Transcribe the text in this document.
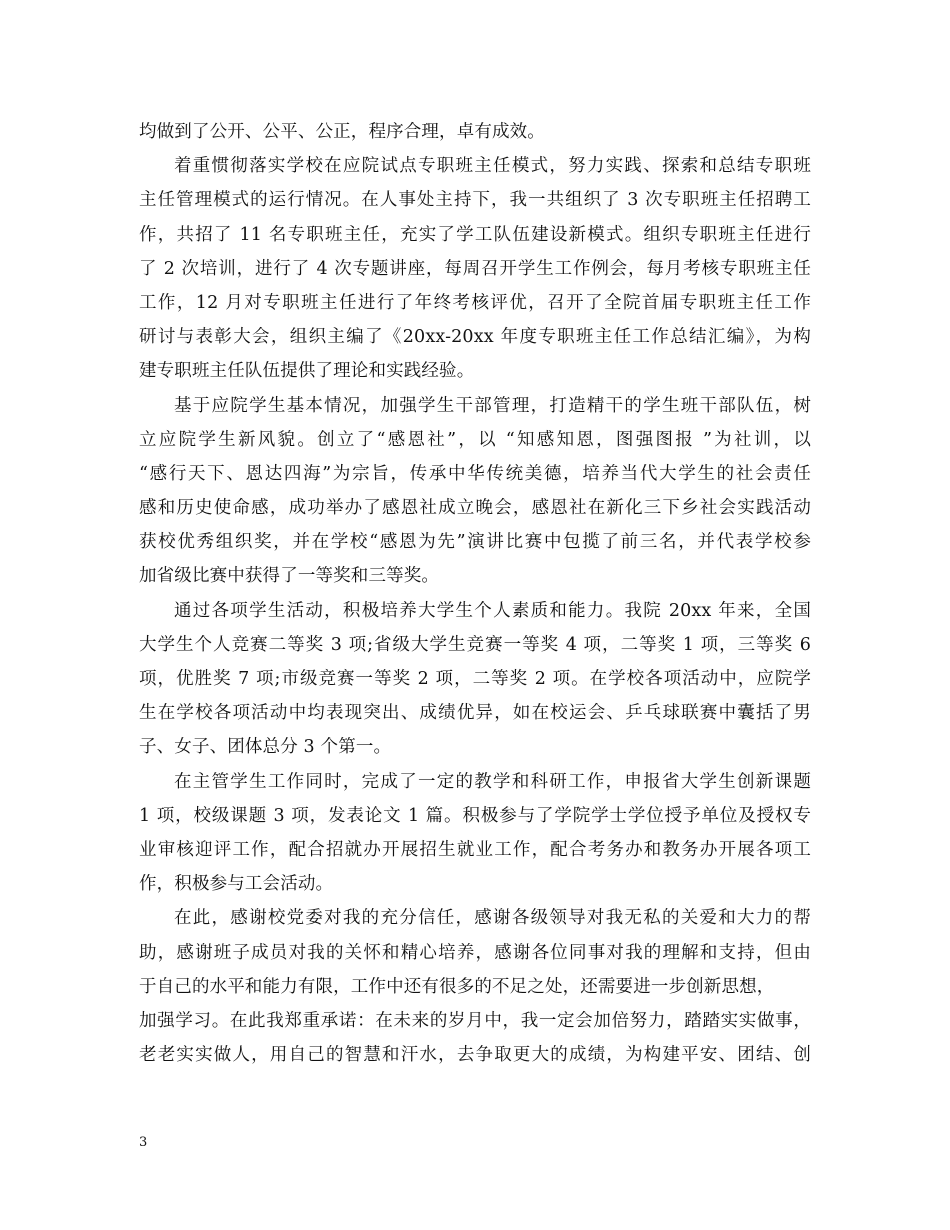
均做到了公开、公平、公正，程序合理，卓有成效。
着重惯彻落实学校在应院试点专职班主任模式，努力实践、探索和总结专职班
主任管理模式的运行情况。在人事处主持下，我一共组织了 3 次专职班主任招聘工
作，共招了 11 名专职班主任，充实了学工队伍建设新模式。组织专职班主任进行
了 2 次培训，进行了 4 次专题讲座，每周召开学生工作例会，每月考核专职班主任
工作，12 月对专职班主任进行了年终考核评优，召开了全院首届专职班主任工作
研讨与表彰大会，组织主编了《20xx-20xx 年度专职班主任工作总结汇编》，为构
建专职班主任队伍提供了理论和实践经验。
基于应院学生基本情况，加强学生干部管理，打造精干的学生班干部队伍，树
立应院学生新风貌。创立了“感恩社”，以 “知感知恩，图强图报 ”为社训，以
“感行天下、恩达四海”为宗旨，传承中华传统美德，培养当代大学生的社会责任
感和历史使命感，成功举办了感恩社成立晚会，感恩社在新化三下乡社会实践活动
获校优秀组织奖，并在学校“感恩为先”演讲比赛中包揽了前三名，并代表学校参
加省级比赛中获得了一等奖和三等奖。
通过各项学生活动，积极培养大学生个人素质和能力。我院 20xx 年来，全国
大学生个人竞赛二等奖 3 项;省级大学生竞赛一等奖 4 项，二等奖 1 项，三等奖 6
项，优胜奖 7 项;市级竞赛一等奖 2 项，二等奖 2 项。在学校各项活动中，应院学
生在学校各项活动中均表现突出、成绩优异，如在校运会、乒乓球联赛中囊括了男
子、女子、团体总分 3 个第一。
在主管学生工作同时，完成了一定的教学和科研工作，申报省大学生创新课题
1 项，校级课题 3 项，发表论文 1 篇。积极参与了学院学士学位授予单位及授权专
业审核迎评工作，配合招就办开展招生就业工作，配合考务办和教务办开展各项工
作，积极参与工会活动。
在此，感谢校党委对我的充分信任，感谢各级领导对我无私的关爱和大力的帮
助，感谢班子成员对我的关怀和精心培养，感谢各位同事对我的理解和支持，但由
于自己的水平和能力有限，工作中还有很多的不足之处，还需要进一步创新思想，
加强学习。在此我郑重承诺：在未来的岁月中，我一定会加倍努力，踏踏实实做事，
老老实实做人，用自己的智慧和汗水，去争取更大的成绩，为构建平安、团结、创
3
